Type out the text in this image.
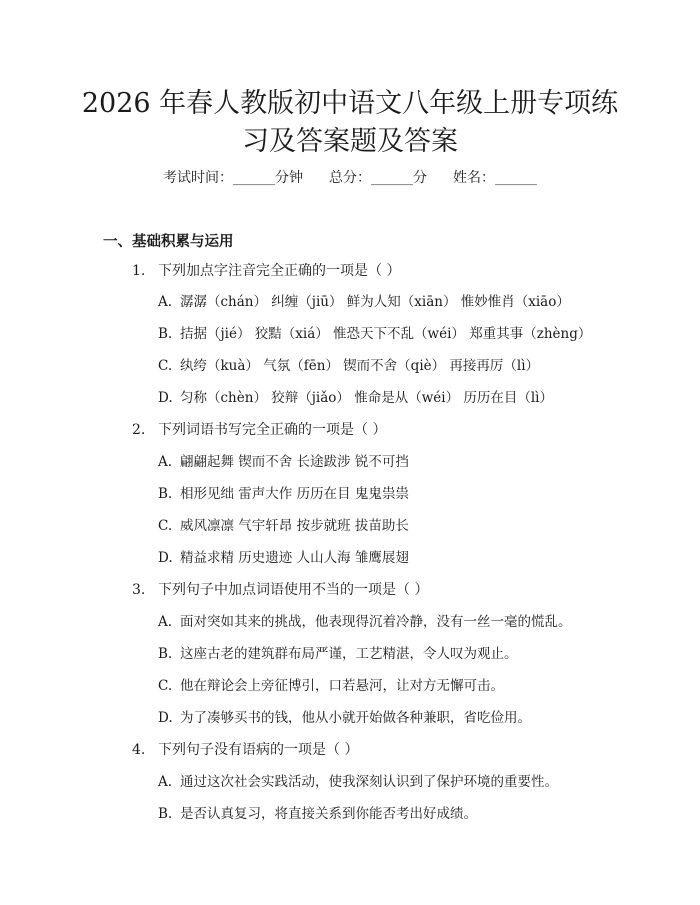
2026 年春人教版初中语文八年级上册专项练
习及答案题及答案
考试时间：______分钟 总分：______分 姓名：______
一、基础积累与运用
1. 下列加点字注音完全正确的一项是（ ）
A. 潺潺（chán） 纠缠（jiū） 鲜为人知（xiān） 惟妙惟肖（xiāo）
B. 拮据（jié） 狡黠（xiá） 惟恐天下不乱（wéi） 郑重其事（zhèng）
C. 纨绔（kuà） 气氛（fēn） 锲而不舍（qiè） 再接再厉（lì）
D. 匀称（chèn） 狡辩（jiǎo） 惟命是从（wéi） 历历在目（lì）
2. 下列词语书写完全正确的一项是（ ）
A. 翩翩起舞 锲而不舍 长途跋涉 锐不可挡
B. 相形见绌 雷声大作 历历在目 鬼鬼祟祟
C. 威风凛凛 气宇轩昂 按步就班 拔苗助长
D. 精益求精 历史遗迹 人山人海 雏鹰展翅
3. 下列句子中加点词语使用不当的一项是（ ）
A. 面对突如其来的挑战，他表现得沉着冷静，没有一丝一毫的慌乱。
B. 这座古老的建筑群布局严谨，工艺精湛，令人叹为观止。
C. 他在辩论会上旁征博引，口若悬河，让对方无懈可击。
D. 为了凑够买书的钱，他从小就开始做各种兼职，省吃俭用。
4. 下列句子没有语病的一项是（ ）
A. 通过这次社会实践活动，使我深刻认识到了保护环境的重要性。
B. 是否认真复习，将直接关系到你能否考出好成绩。
